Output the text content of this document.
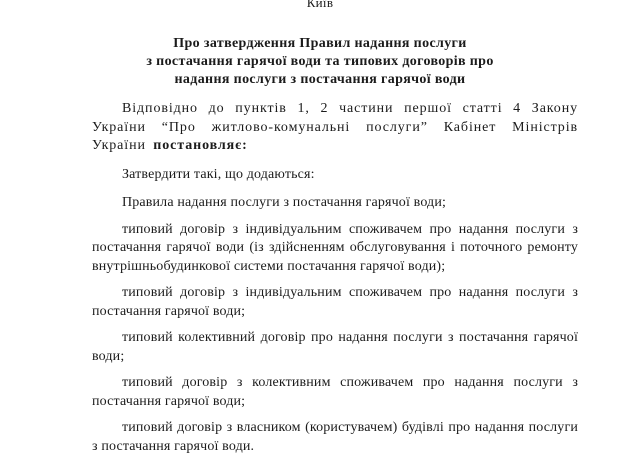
Київ
Про затвердження Правил надання послуги
з постачання гарячої води та типових договорів про
надання послуги з постачання гарячої води

Відповідно до пунктів 1, 2 частини першої статті 4 Закону України “Про житлово-комунальні послуги” Кабінет Міністрів України постановляє:

Затвердити такі, що додаються:

Правила надання послуги з постачання гарячої води;

типовий договір з індивідуальним споживачем про надання послуги з постачання гарячої води (із здійсненням обслуговування і поточного ремонту внутрішньобудинкової системи постачання гарячої води);

типовий договір з індивідуальним споживачем про надання послуги з постачання гарячої води;

типовий колективний договір про надання послуги з постачання гарячої води;

типовий договір з колективним споживачем про надання послуги з постачання гарячої води;

типовий договір з власником (користувачем) будівлі про надання послуги з постачання гарячої води.
